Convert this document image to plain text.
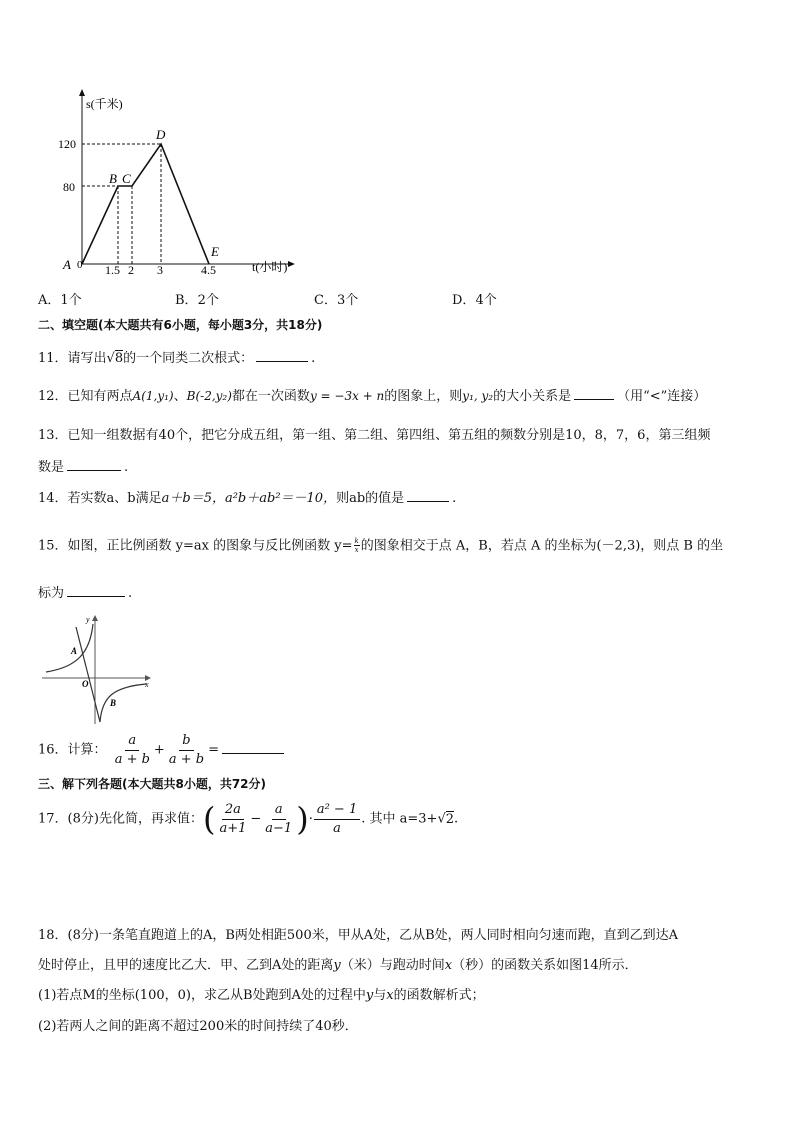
s(千米)
t(小时)
120
80
1.5 2 3	4.5
0
A
B C
D
E
A．1个	B．2个	C．3个	D．4个
二、填空题(本大题共有6小题，每小题3分，共18分)
11．请写出√8的一个同类二次根式：	.
12．已知有两点A(1,y₁)、B(-2,y₂)都在一次函数y = −3x + n的图象上，则y₁, y₂的大小关系是	（用“<”连接）
13．已知一组数据有40个，把它分成五组，第一组、第二组、第四组、第五组的频数分别是10，8，7，6，第三组频
数是	.
14．若实数a、b满足a＋b＝5，a²b＋ab²＝－10，则ab的值是	.
15．如图，正比例函数 y=ax 的图象与反比例函数 $y= \frac{k}{x}$ 的图象相交于点 A，B，若点 A 的坐标为(－2,3)，则点 B 的坐
标为	.
y
x
O
A
B
16．计算： $\frac{a}{a + b} + \frac{b}{a + b}$ =
三、解下列各题(本大题共8小题，共72分)
17．(8分)先化简，再求值：( $\frac{2a}{a+1} - \frac{a}{a-1}$ )· $\frac{\text{a² − 1}}{a}$ . 其中 a=3+√2.
18．(8分)一条笔直跑道上的A，B两处相距500米，甲从A处，乙从B处，两人同时相向匀速而跑，直到乙到达A
处时停止，且甲的速度比乙大．甲、乙到A处的距离y（米）与跑动时间x（秒）的函数关系如图14所示．
(1)若点M的坐标(100，0)，求乙从B处跑到A处的过程中y与x的函数解析式；
(2)若两人之间的距离不超过200米的时间持续了40秒．
